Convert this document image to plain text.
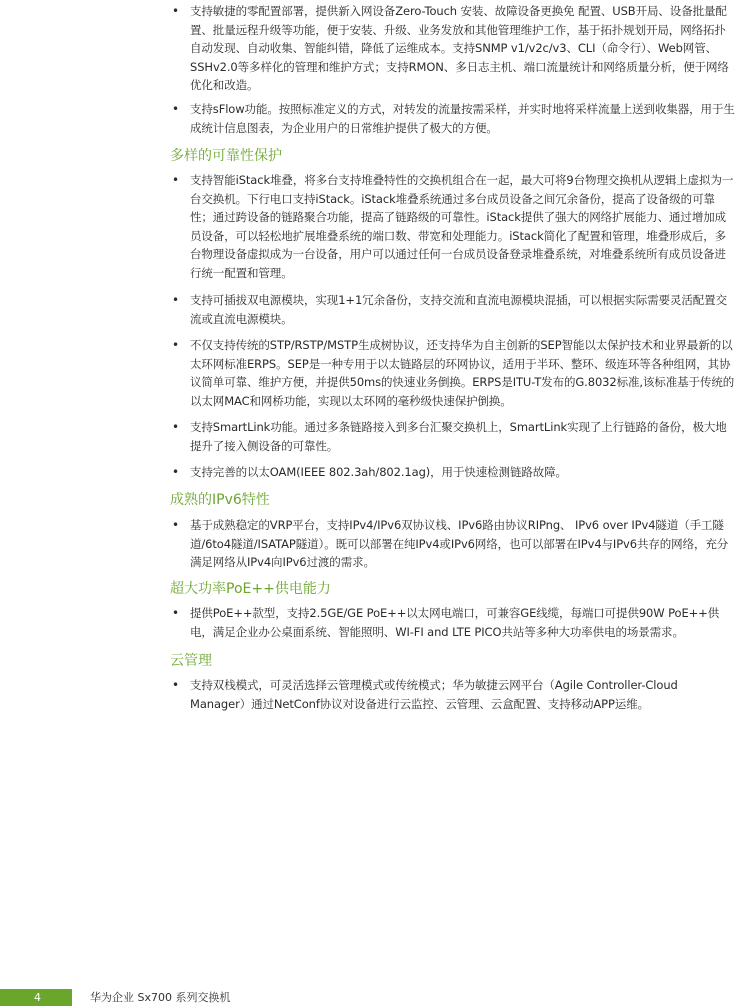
• 支持敏捷的零配置部署，提供新入网设备Zero-Touch 安装、故障设备更换免 配置、USB开局、设备批量配置、批量远程升级等功能，便于安装、升级、业务发放和其他管理维护工作，基于拓扑规划开局，网络拓扑自动发现、自动收集、智能纠错，降低了运维成本。支持SNMP v1/v2c/v3、CLI（命令行）、Web网管、SSHv2.0等多样化的管理和维护方式；支持RMON、多日志主机、端口流量统计和网络质量分析，便于网络优化和改造。
• 支持sFlow功能。按照标准定义的方式，对转发的流量按需采样，并实时地将采样流量上送到收集器，用于生成统计信息图表，为企业用户的日常维护提供了极大的方便。
多样的可靠性保护
• 支持智能iStack堆叠，将多台支持堆叠特性的交换机组合在一起，最大可将9台物理交换机从逻辑上虚拟为一台交换机。下行电口支持iStack。iStack堆叠系统通过多台成员设备之间冗余备份，提高了设备级的可靠性；通过跨设备的链路聚合功能，提高了链路级的可靠性。iStack提供了强大的网络扩展能力、通过增加成员设备，可以轻松地扩展堆叠系统的端口数、带宽和处理能力。iStack简化了配置和管理，堆叠形成后，多台物理设备虚拟成为一台设备，用户可以通过任何一台成员设备登录堆叠系统，对堆叠系统所有成员设备进行统一配置和管理。
• 支持可插拔双电源模块，实现1+1冗余备份，支持交流和直流电源模块混插，可以根据实际需要灵活配置交流或直流电源模块。
• 不仅支持传统的STP/RSTP/MSTP生成树协议，还支持华为自主创新的SEP智能以太保护技术和业界最新的以太环网标准ERPS。SEP是一种专用于以太链路层的环网协议，适用于半环、整环、级连环等各种组网，其协议简单可靠、维护方便，并提供50ms的快速业务倒换。ERPS是ITU-T发布的G.8032标准,该标准基于传统的以太网MAC和网桥功能，实现以太环网的毫秒级快速保护倒换。
• 支持SmartLink功能。通过多条链路接入到多台汇聚交换机上，SmartLink实现了上行链路的备份，极大地提升了接入侧设备的可靠性。
• 支持完善的以太OAM(IEEE 802.3ah/802.1ag)，用于快速检测链路故障。
成熟的IPv6特性
• 基于成熟稳定的VRP平台，支持IPv4/IPv6双协议栈、IPv6路由协议RIPng、 IPv6 over IPv4隧道（手工隧道/6to4隧道/ISATAP隧道）。既可以部署在纯IPv4或IPv6网络，也可以部署在IPv4与IPv6共存的网络，充分满足网络从IPv4向IPv6过渡的需求。
超大功率PoE++供电能力
• 提供PoE++款型，支持2.5GE/GE PoE++以太网电端口，可兼容GE线缆，每端口可提供90W PoE++供电，满足企业办公桌面系统、智能照明、WI-FI and LTE PICO共站等多种大功率供电的场景需求。
云管理
• 支持双栈模式，可灵活选择云管理模式或传统模式；华为敏捷云网平台（Agile Controller-Cloud Manager）通过NetConf协议对设备进行云监控、云管理、云盒配置、支持移动APP运维。
4	华为企业 Sx700 系列交换机
